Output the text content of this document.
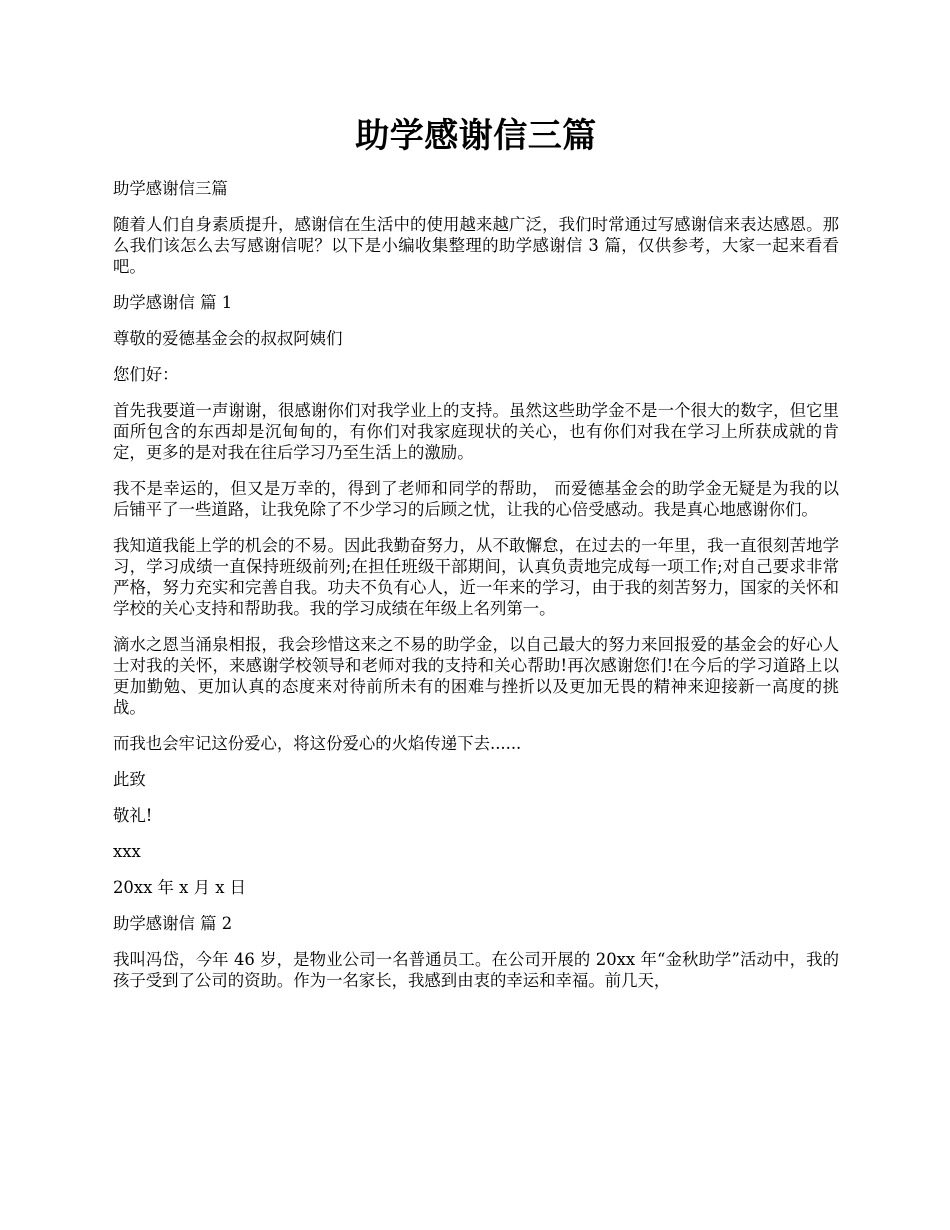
助学感谢信三篇

助学感谢信三篇

随着人们自身素质提升，感谢信在生活中的使用越来越广泛，我们时常通过写感谢信来表达感恩。那么我们该怎么去写感谢信呢？以下是小编收集整理的助学感谢信 3 篇，仅供参考，大家一起来看看吧。

助学感谢信 篇 1

尊敬的爱德基金会的叔叔阿姨们

您们好：

首先我要道一声谢谢，很感谢你们对我学业上的支持。虽然这些助学金不是一个很大的数字，但它里面所包含的东西却是沉甸甸的，有你们对我家庭现状的关心，也有你们对我在学习上所获成就的肯定，更多的是对我在往后学习乃至生活上的激励。

我不是幸运的，但又是万幸的，得到了老师和同学的帮助， 而爱德基金会的助学金无疑是为我的以后铺平了一些道路，让我免除了不少学习的后顾之忧，让我的心倍受感动。我是真心地感谢你们。

我知道我能上学的机会的不易。因此我勤奋努力，从不敢懈怠，在过去的一年里，我一直很刻苦地学习，学习成绩一直保持班级前列;在担任班级干部期间，认真负责地完成每一项工作;对自己要求非常严格，努力充实和完善自我。功夫不负有心人，近一年来的学习，由于我的刻苦努力，国家的关怀和学校的关心支持和帮助我。我的学习成绩在年级上名列第一。

滴水之恩当涌泉相报，我会珍惜这来之不易的助学金，以自己最大的努力来回报爱的基金会的好心人士对我的关怀，来感谢学校领导和老师对我的支持和关心帮助!再次感谢您们!在今后的学习道路上以更加勤勉、更加认真的态度来对待前所未有的困难与挫折以及更加无畏的精神来迎接新一高度的挑战。

而我也会牢记这份爱心，将这份爱心的火焰传递下去......

此致

敬礼!

xxx

20xx 年 x 月 x 日

助学感谢信 篇 2

我叫冯岱，今年 46 岁，是物业公司一名普通员工。在公司开展的 20xx 年“金秋助学”活动中，我的孩子受到了公司的资助。作为一名家长，我感到由衷的幸运和幸福。前几天，
